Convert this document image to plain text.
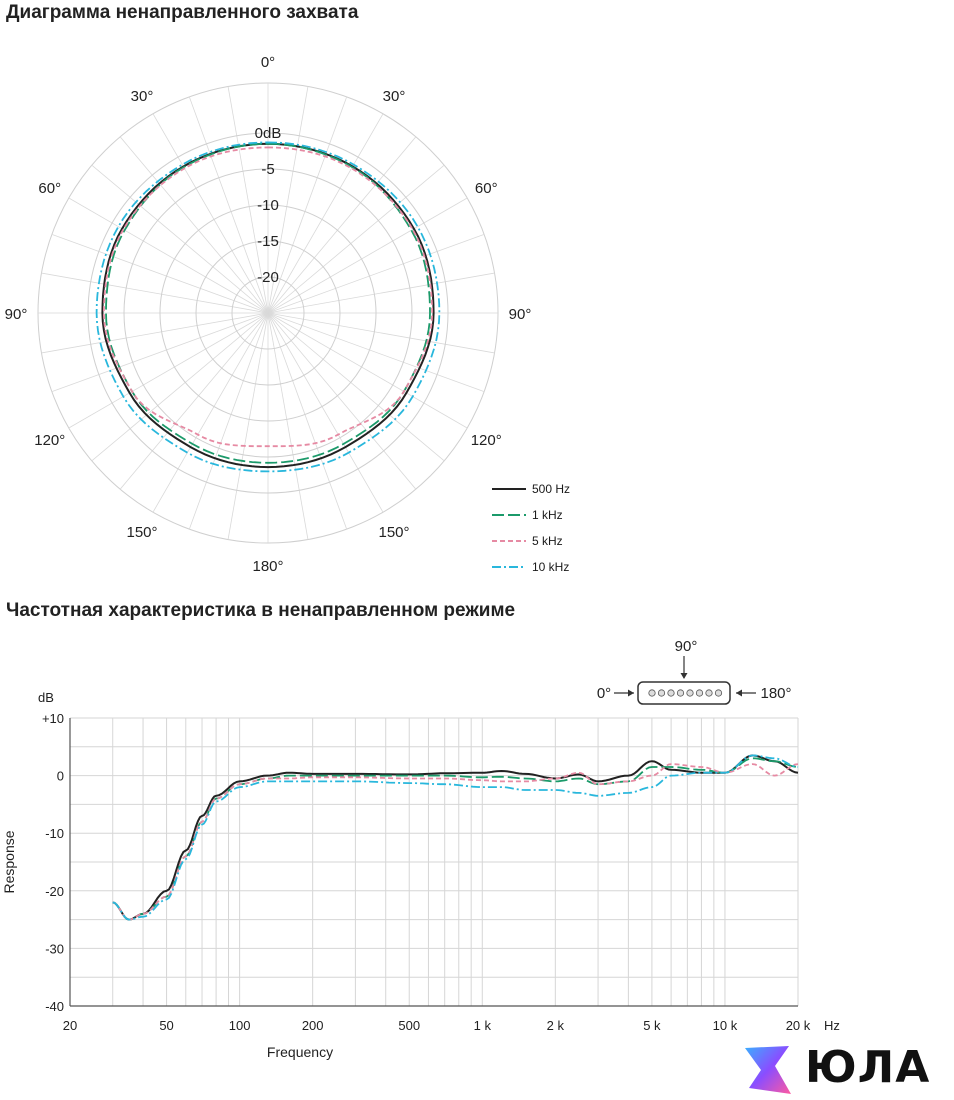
Диаграмма ненаправленного захвата
Частотная характеристика в ненаправленном режиме
0dB
-5
-10
-15
-20
0°
30°	30°
60°	60°
90°	90°
120°	120°
150°	150°
180°
+10
0
-10
-20
-30
-40
20	50	100	200	500	1 k	2 k	5 k	10 k	20 k Hz
dB
Frequency
Response
0°
90°
180°
500 Hz
1 kHz
5 kHz
10 kHz
ЮЛА
